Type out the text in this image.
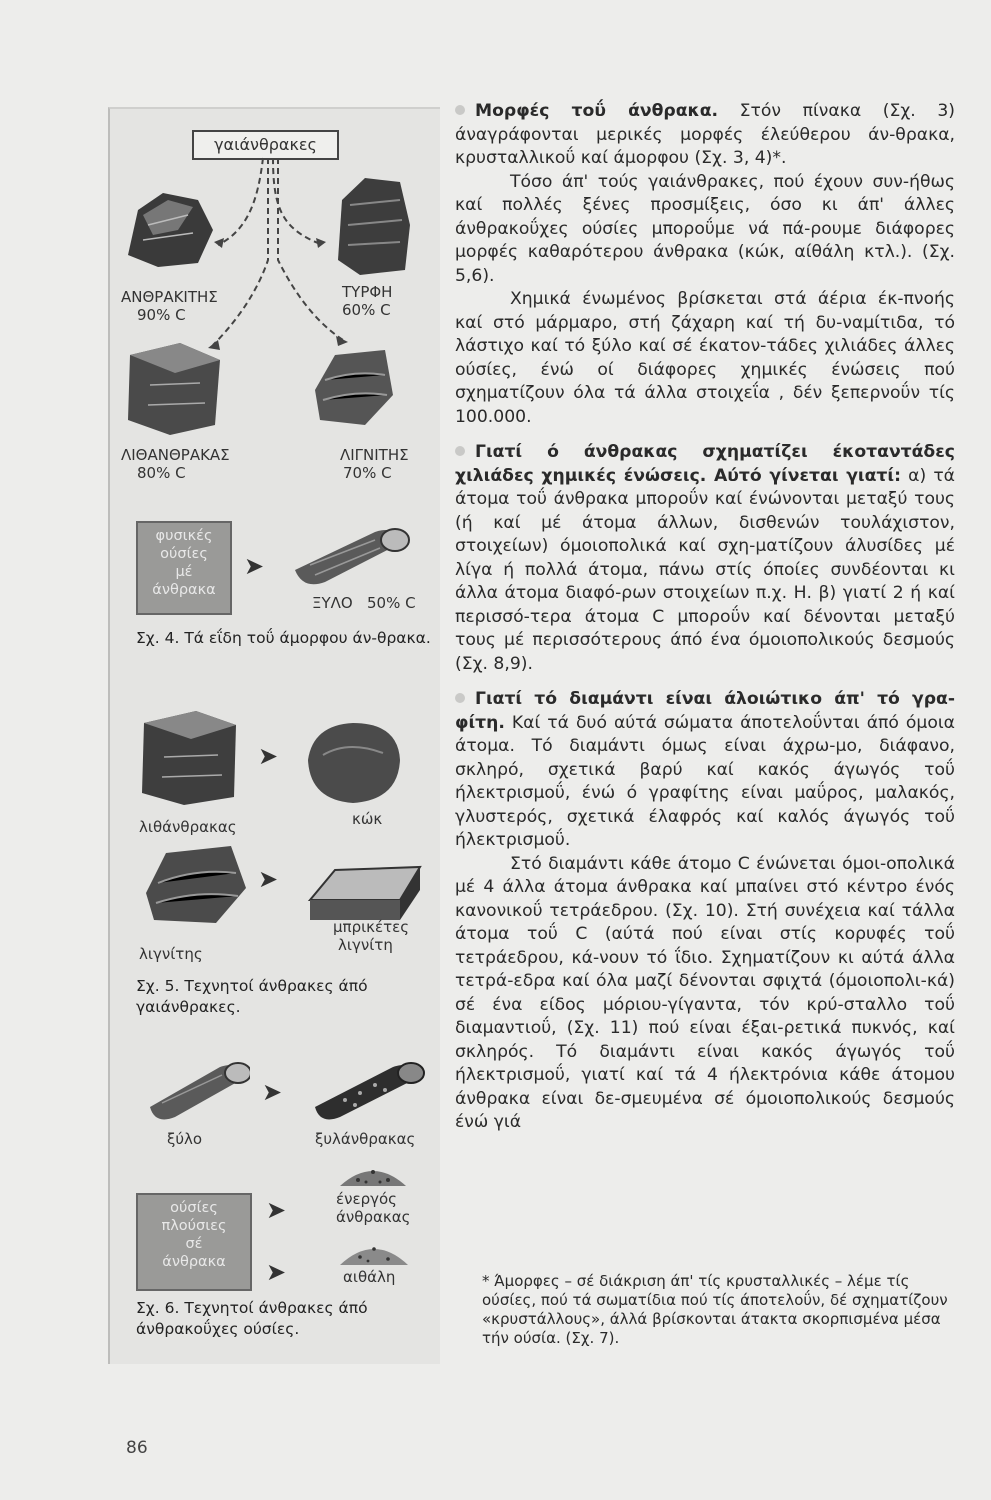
γαιάνθρακες
ΑΝΘΡΑΚΙΤΗΣ
90% C
ΤΥΡΦΗ
60% C
ΛΙΘΑΝΘΡΑΚΑΣ
80% C
ΛΙΓΝΙΤΗΣ
70% C
φυσικές
ούσίες
μέ
άνθρακα
➤
ΞΥΛΟ   50% C
Σχ. 4. Τά εΐδη τοΰ άμορφου άν-θρακα.
➤
λιθάνθρακας	κώκ
➤
λιγνίτης
μπρικέτες
λιγνίτη
Σχ. 5. Τεχνητοί άνθρακες άπό γαιάνθρακες.
➤
ξύλο	ξυλάνθρακας
ούσίες
πλούσιες
σέ
άνθρακα
➤
➤
ένεργός
άνθρακας
αιθάλη
Σχ. 6. Τεχνητοί άνθρακες άπό άνθρακοΰχες ούσίες.

Μορφές τοΰ άνθρακα. Στόν πίνακα (Σχ. 3) άναγράφονται μερικές μορφές έλεύθερου άν-θρακα, κρυσταλλικοΰ καί άμορφου (Σχ. 3, 4)*.

Τόσο άπ' τούς γαιάνθρακες, πού έχουν συν-ήθως καί πολλές ξένες προσμίξεις, όσο κι άπ' άλλες άνθρακοΰχες ούσίες μποροΰμε νά πά-ρουμε διάφορες μορφές καθαρότερου άνθρακα (κώκ, αίθάλη κτλ.). (Σχ. 5,6).

Χημικά ένωμένος βρίσκεται στά άέρια έκ-πνοής καί στό μάρμαρο, στή ζάχαρη καί τή δυ-ναμίτιδα, τό λάστιχο καί τό ξύλο καί σέ έκατον-τάδες χιλιάδες άλλες ούσίες, ένώ οί διάφορες χημικές ένώσεις πού σχηματίζουν όλα τά άλλα στοιχεΐα , δέν ξεπερνοΰν τίς 100.000.

Γιατί ό άνθρακας σχηματίζει έκοταντάδες χιλιάδες χημικές ένώσεις. Αύτό γίνεται γιατί: α) τά άτομα τοΰ άνθρακα μποροΰν καί ένώνονται μεταξύ τους (ή καί μέ άτομα άλλων, δισθενών τουλάχιστον, στοιχείων) όμοιοπολικά καί σχη-ματίζουν άλυσίδες μέ λίγα ή πολλά άτομα, πάνω στίς όποίες συνδέονται κι άλλα άτομα διαφό-ρων στοιχείων π.χ. Η. β) γιατί 2 ή καί περισσό-τερα άτομα C μποροΰν καί δένονται μεταξύ τους μέ περισσότερους άπό ένα όμοιοπολικούς δεσμούς (Σχ. 8,9).

Γιατί τό διαμάντι είναι άλοιώτικο άπ' τό γρα-φίτη. Καί τά δυό αύτά σώματα άποτελοΰνται άπό όμοια άτομα. Τό διαμάντι όμως είναι άχρω-μο, διάφανο, σκληρό, σχετικά βαρύ καί κακός άγωγός τοΰ ήλεκτρισμοΰ, ένώ ό γραφίτης είναι μαΰρος, μαλακός, γλυστερός, σχετικά έλαφρός καί καλός άγωγός τοΰ ήλεκτρισμοΰ.

Στό διαμάντι κάθε άτομο C ένώνεται όμοι-οπολικά μέ 4 άλλα άτομα άνθρακα καί μπαίνει στό κέντρο ένός κανονικοΰ τετράεδρου. (Σχ. 10). Στή συνέχεια καί τάλλα άτομα τοΰ C (αύτά πού είναι στίς κορυφές τοΰ τετράεδρου, κά-νουν τό ΐδιο. Σχηματίζουν κι αύτά άλλα τετρά-εδρα καί όλα μαζί δένονται σφιχτά (όμοιοπολι-κά) σέ ένα είδος μόριου-γίγαντα, τόν κρύ-σταλλο τοΰ διαμαντιοΰ, (Σχ. 11) πού είναι έξαι-ρετικά πυκνός, καί σκληρός. Τό διαμάντι είναι κακός άγωγός τοΰ ήλεκτρισμοΰ, γιατί καί τά 4 ήλεκτρόνια κάθε άτομου άνθρακα είναι δε-σμευμένα σέ όμοιοπολικούς δεσμούς ένώ γιά

* Άμορφες – σέ διάκριση άπ' τίς κρυσταλλικές – λέμε τίς ούσίες, πού τά σωματίδια πού τίς άποτελοΰν, δέ σχηματίζουν «κρυστάλλους», άλλά βρίσκονται άτακτα σκορπισμένα μέσα τήν ούσία. (Σχ. 7).
86
